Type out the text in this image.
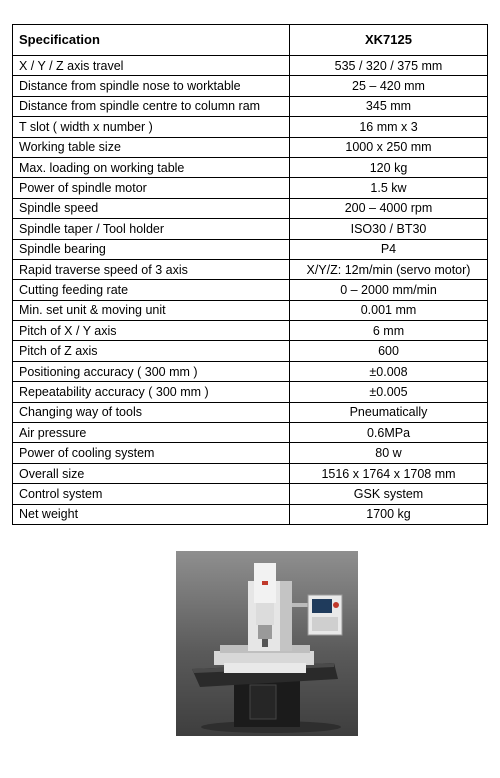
Specification	XK7125
X / Y / Z axis travel	535 / 320 / 375 mm
Distance from spindle nose to worktable	25 – 420 mm
Distance from spindle centre to column ram	345 mm
T slot ( width x number )	16 mm x 3
Working table size	1000 x 250 mm
Max. loading on working table	120 kg
Power of spindle motor	1.5 kw
Spindle speed	200 – 4000 rpm
Spindle taper / Tool holder	ISO30 / BT30
Spindle bearing	P4
Rapid traverse speed of 3 axis	X/Y/Z: 12m/min (servo motor)
Cutting feeding rate	0 – 2000 mm/min
Min. set unit & moving unit	0.001 mm
Pitch of X / Y axis	6 mm
Pitch of Z axis	600
Positioning accuracy ( 300 mm )	±0.008
Repeatability accuracy ( 300 mm )	±0.005
Changing way of tools	Pneumatically
Air pressure	0.6MPa
Power of cooling system	80 w
Overall size	1516 x 1764 x 1708 mm
Control system	GSK system
Net weight	1700 kg
